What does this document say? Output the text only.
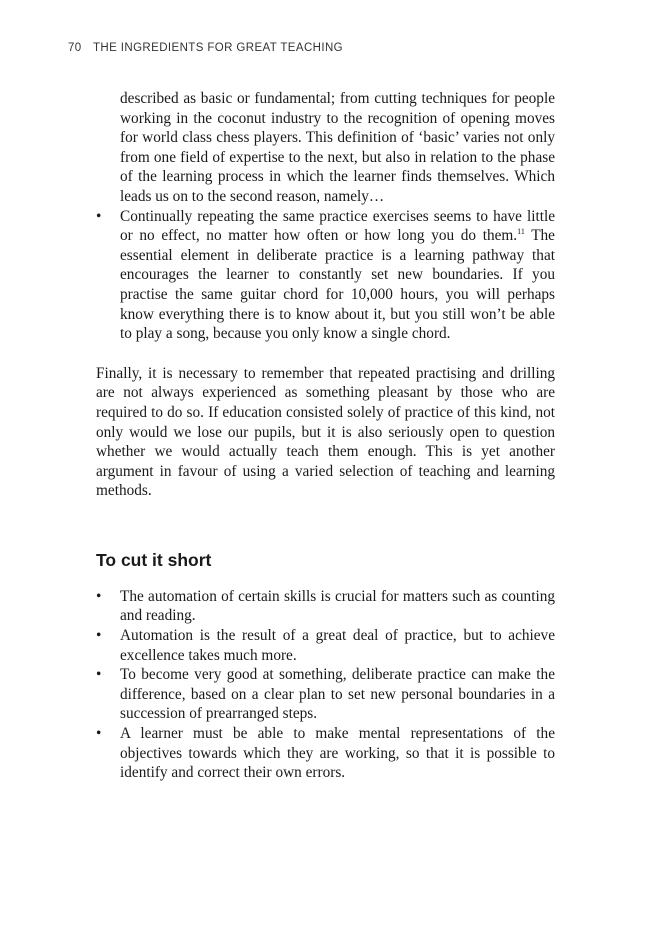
70 THE INGREDIENTS FOR GREAT TEACHING

described as basic or fundamental; from cutting techniques for people working in the coconut industry to the recognition of opening moves for world class chess players. This definition of ‘basic’ varies not only from one field of expertise to the next, but also in relation to the phase of the learning process in which the learner finds themselves. Which leads us on to the second reason, namely…

•	Continually repeating the same practice exercises seems to have little or no effect, no matter how often or how long you do them.$^{11}$ The essential element in deliberate practice is a learning pathway that encourages the learner to constantly set new boundaries. If you practise the same guitar chord for 10,000 hours, you will perhaps know everything there is to know about it, but you still won’t be able to play a song, because you only know a single chord.

Finally, it is necessary to remember that repeated practising and drilling are not always experienced as something pleasant by those who are required to do so. If education consisted solely of practice of this kind, not only would we lose our pupils, but it is also seriously open to question whether we would actually teach them enough. This is yet another argument in favour of using a varied selection of teaching and learning methods.

To cut it short
•	The automation of certain skills is crucial for matters such as counting and reading.
•	Automation is the result of a great deal of practice, but to achieve excellence takes much more.
•	To become very good at something, deliberate practice can make the difference, based on a clear plan to set new personal boundaries in a succession of prearranged steps.
•	A learner must be able to make mental representations of the objectives towards which they are working, so that it is possible to identify and correct their own errors.
